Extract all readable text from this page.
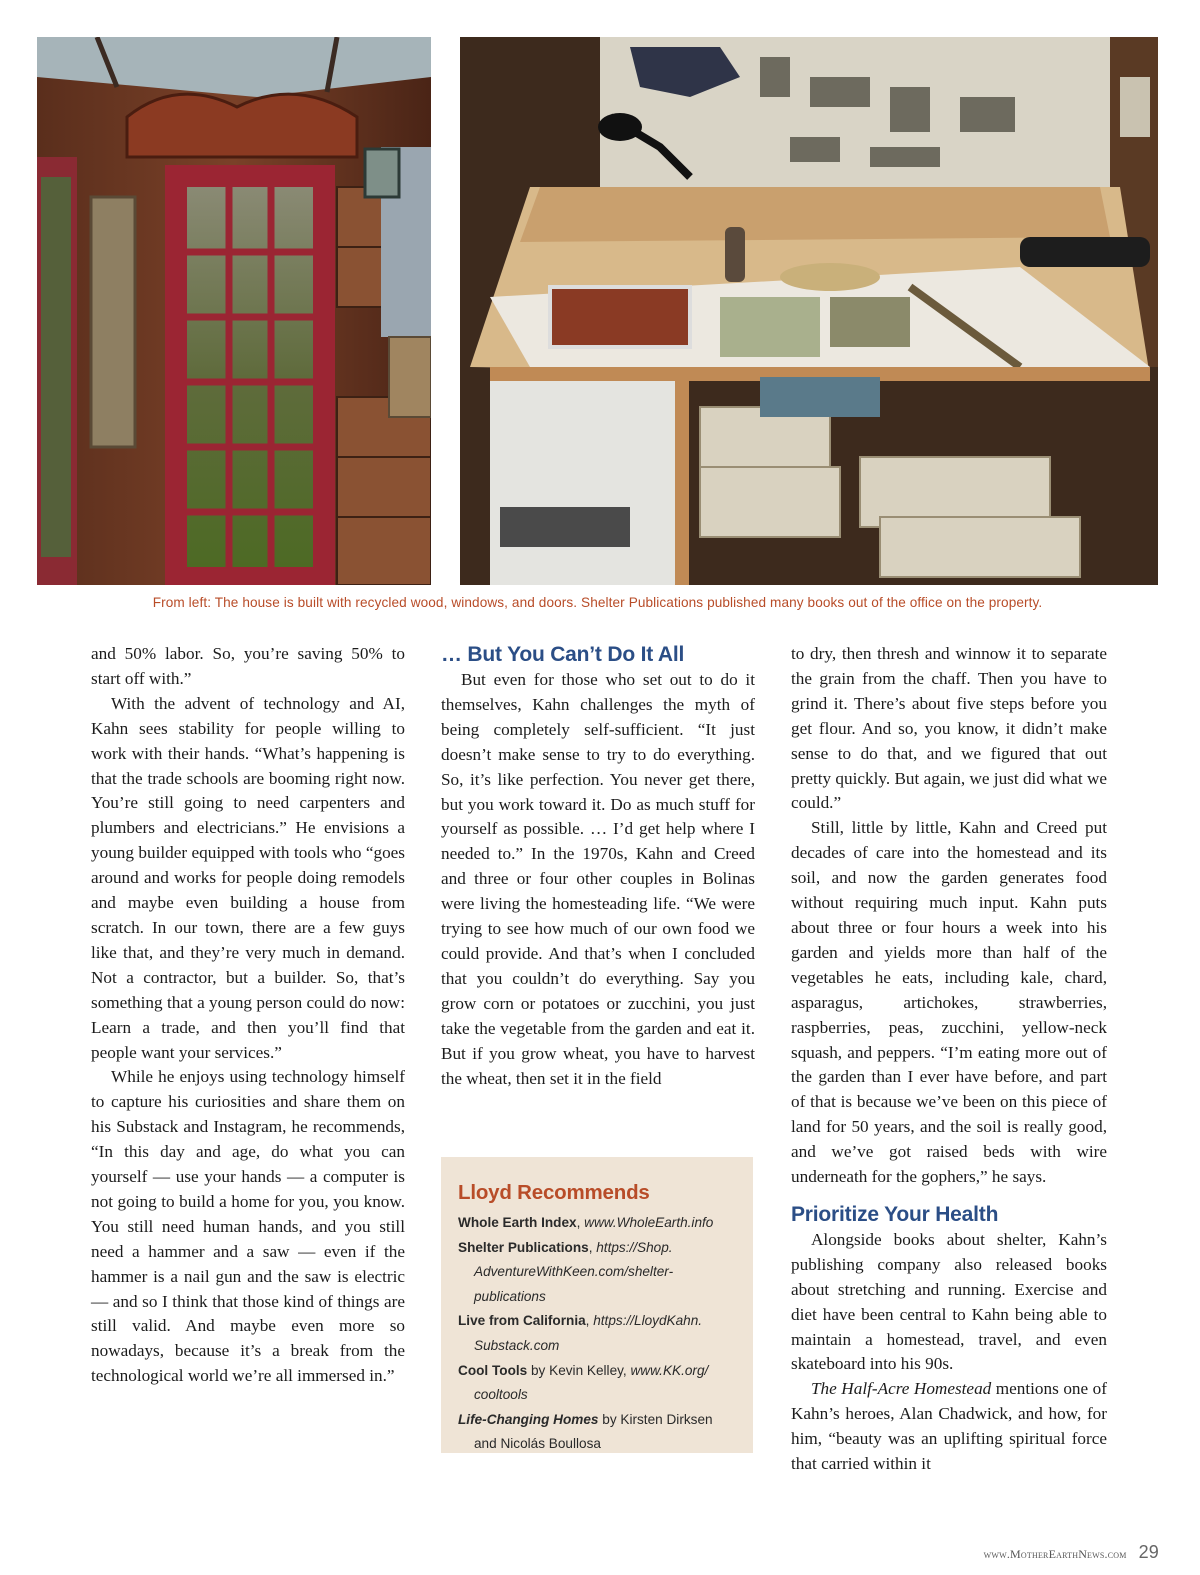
From left: The house is built with recycled wood, windows, and doors. Shelter Publications published many books out of the office on the property.

and 50% labor. So, you’re saving 50% to start off with.”

With the advent of technology and AI, Kahn sees stability for people willing to work with their hands. “What’s happening is that the trade schools are booming right now. You’re still going to need carpenters and plumbers and electricians.” He envisions a young builder equipped with tools who “goes around and works for people doing remodels and maybe even building a house from scratch. In our town, there are a few guys like that, and they’re very much in demand. Not a contractor, but a builder. So, that’s something that a young person could do now: Learn a trade, and then you’ll find that people want your services.”

While he enjoys using technology himself to capture his curiosities and share them on his Substack and Instagram, he recommends, “In this day and age, do what you can yourself — use your hands — a computer is not going to build a home for you, you know. You still need human hands, and you still need a hammer and a saw — even if the hammer is a nail gun and the saw is electric — and so I think that those kind of things are still valid. And maybe even more so nowadays, because it’s a break from the technological world we’re all immersed in.”

… But You Can’t Do It All

But even for those who set out to do it themselves, Kahn challenges the myth of being completely self-sufficient. “It just doesn’t make sense to try to do everything. So, it’s like perfection. You never get there, but you work toward it. Do as much stuff for yourself as possible. … I’d get help where I needed to.” In the 1970s, Kahn and Creed and three or four other couples in Bolinas were living the homesteading life. “We were trying to see how much of our own food we could provide. And that’s when I concluded that you couldn’t do everything. Say you grow corn or potatoes or zucchini, you just take the vegetable from the garden and eat it. But if you grow wheat, you have to harvest the wheat, then set it in the field

Lloyd Recommends
Whole Earth Index, www.WholeEarth.info
Shelter Publications, https://Shop.
AdventureWithKeen.com/shelter-
publications
Live from California, https://LloydKahn.
Substack.com
Cool Tools by Kevin Kelley, www.KK.org/
cooltools
Life-Changing Homes by Kirsten Dirksen
and Nicolás Boullosa

to dry, then thresh and winnow it to separate the grain from the chaff. Then you have to grind it. There’s about five steps before you get flour. And so, you know, it didn’t make sense to do that, and we figured that out pretty quickly. But again, we just did what we could.”

Still, little by little, Kahn and Creed put decades of care into the homestead and its soil, and now the garden generates food without requiring much input. Kahn puts about three or four hours a week into his garden and yields more than half of the vegetables he eats, including kale, chard, asparagus, artichokes, strawberries, raspberries, peas, zucchini, yellow-neck squash, and peppers. “I’m eating more out of the garden than I ever have before, and part of that is because we’ve been on this piece of land for 50 years, and the soil is really good, and we’ve got raised beds with wire underneath for the gophers,” he says.

Prioritize Your Health

Alongside books about shelter, Kahn’s publishing company also released books about stretching and running. Exercise and diet have been central to Kahn being able to maintain a homestead, travel, and even skateboard into his 90s.

The Half-Acre Homestead mentions one of Kahn’s heroes, Alan Chadwick, and how, for him, “beauty was an uplifting spiritual force that carried within it

www.MotherEarthNews.com 29
